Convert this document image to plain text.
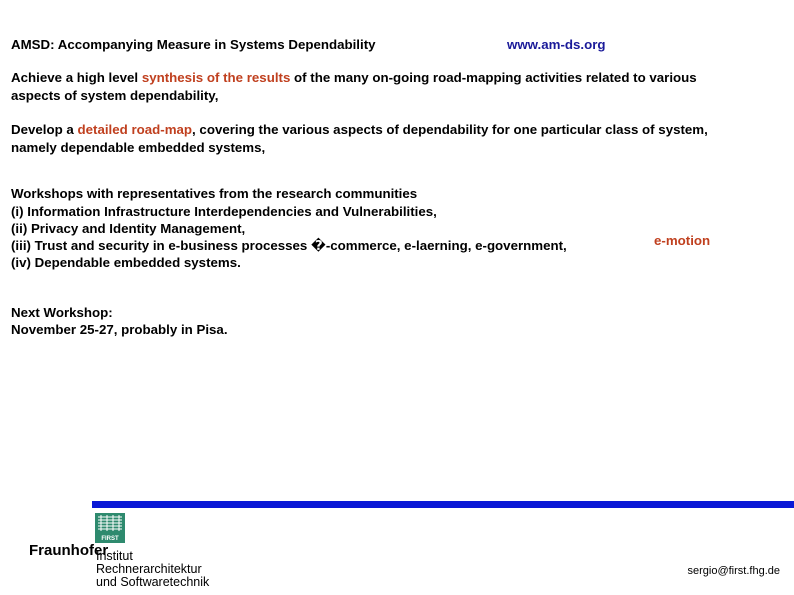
AMSD: Accompanying Measure in Systems Dependability	www.am-ds.org
Achieve a high level synthesis of the results of the many on-going road-mapping activities related to various
aspects of system dependability,
Develop a detailed road-map, covering the various aspects of dependability for one particular class of system,
namely dependable embedded systems,
Workshops with representatives from the research communities
(i) Information Infrastructure Interdependencies and Vulnerabilities,
(ii) Privacy and Identity Management,
(iii) Trust and security in e-business processes �-commerce, e-laerning, e-government,
(iv) Dependable embedded systems.
e-motion
Next Workshop:
November 25-27, probably in Pisa.
FIRST
Fraunhofer
Institut
Rechnerarchitektur
und Softwaretechnik
sergio@first.fhg.de
